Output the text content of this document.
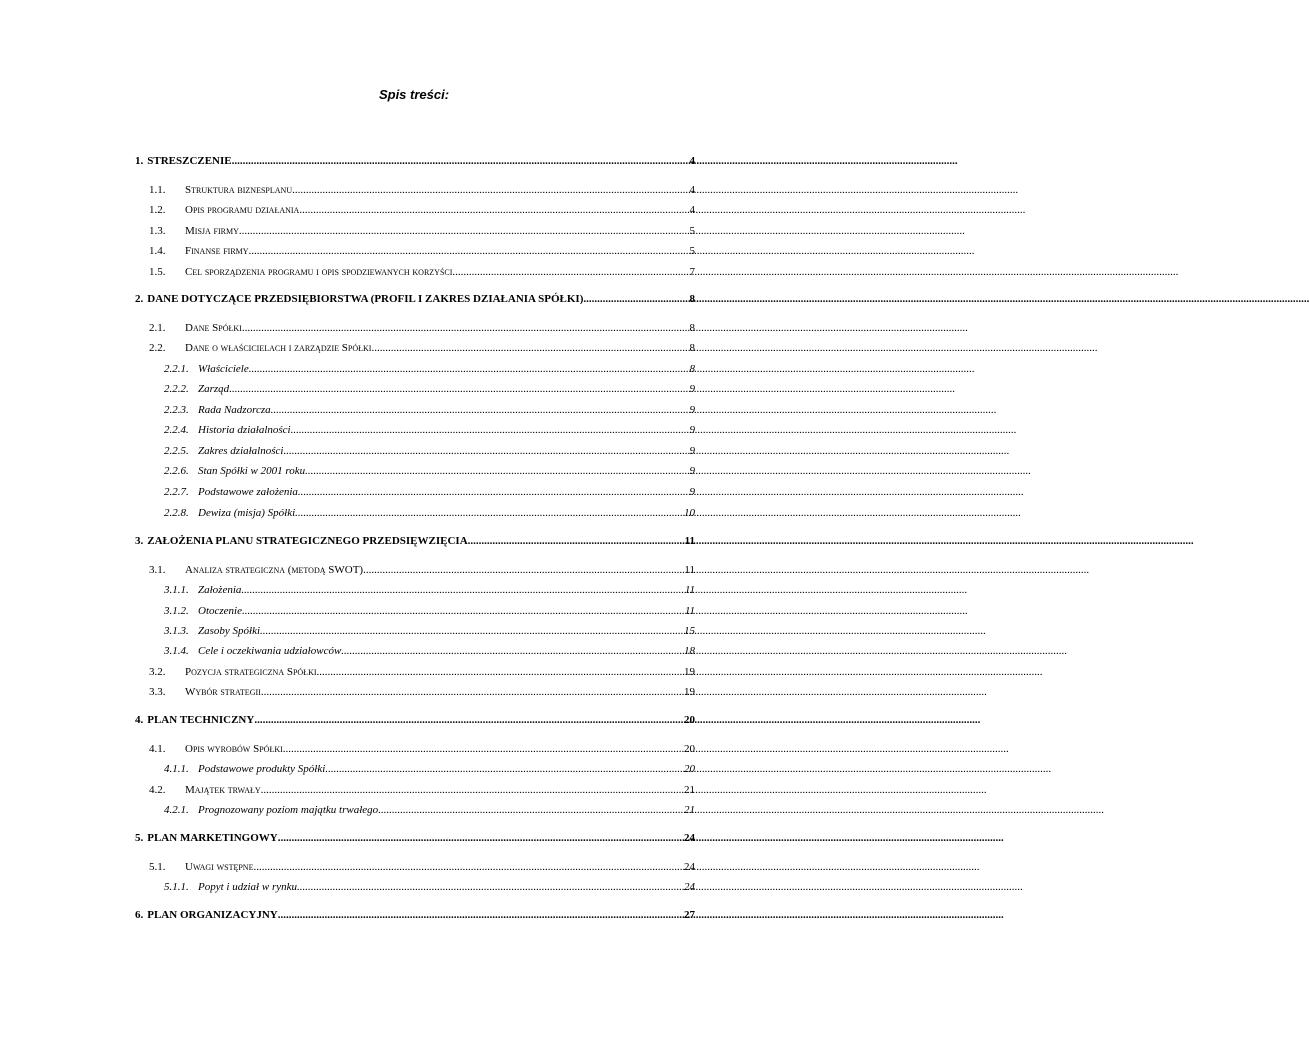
Spis treści:
1. STRESZCZENIE .....	4
1.1.	Struktura biznesplanu .....	4
1.2.	Opis programu działania .....	4
1.3.	Misja firmy .....	5
1.4.	Finanse firmy .....	5
1.5.	Cel sporządzenia programu i opis spodziewanych korzyści .....	7
2. DANE DOTYCZĄCE PRZEDSIĘBIORSTWA (PROFIL I ZAKRES DZIAŁANIA SPÓŁKI) .....	8
2.1.	Dane Spółki .....	8
2.2.	Dane o właścicielach i zarządzie Spółki .....	8
2.2.1. Właściciele .....	8
2.2.2. Zarząd .....	9
2.2.3. Rada Nadzorcza .....	9
2.2.4. Historia działalności .....	9
2.2.5. Zakres działalności .....	9
2.2.6. Stan Spółki w 2001 roku .....	9
2.2.7. Podstawowe założenia .....	9
2.2.8. Dewiza (misja) Spółki .....	10
3. ZAŁOŻENIA PLANU STRATEGICZNEGO PRZEDSIĘWZIĘCIA .....	11
3.1.	Analiza strategiczna (metodą SWOT) .....	11
3.1.1. Założenia .....	11
3.1.2. Otoczenie .....	11
3.1.3. Zasoby Spółki .....	15
3.1.4. Cele i oczekiwania udziałowców .....	18
3.2.	Pozycja strategiczna Spółki .....	19
3.3.	Wybór strategii .....	19
4. PLAN TECHNICZNY .....	20
4.1.	Opis wyrobów Spółki .....	20
4.1.1. Podstawowe produkty Spółki .....	20
4.2.	Majątek trwały .....	21
4.2.1. Prognozowany poziom majątku trwałego .....	21
5. PLAN MARKETINGOWY .....	24
5.1.	Uwagi wstępne .....	24
5.1.1. Popyt i udział w rynku .....	24
6. PLAN ORGANIZACYJNY .....	27
